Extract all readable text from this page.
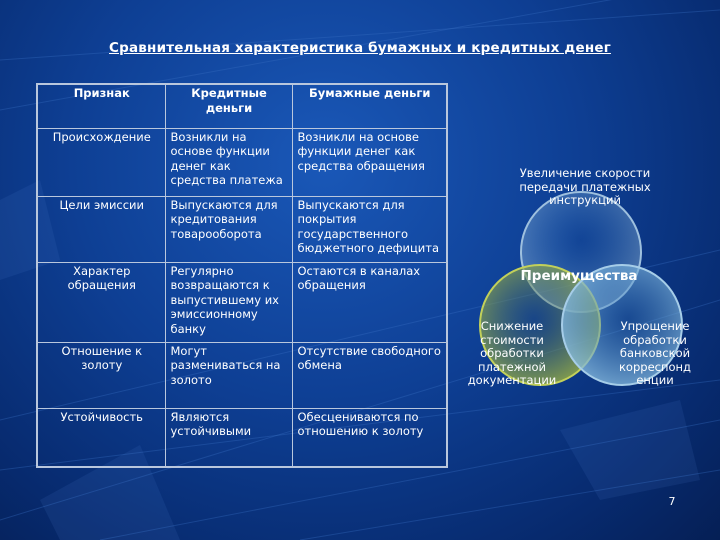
Сравнительная характеристика бумажных и кредитных денег
Признак	Кредитные деньги	Бумажные деньги
Происхождение	Возникли на основе функции денег как средства платежа	Возникли на основе функции денег как средства обращения
Цели эмиссии	Выпускаются для кредитования товарооборота	Выпускаются для покрытия государственного бюджетного дефицита
Характер обращения	Регулярно возвращаются к выпустившему их эмиссионному банку	Остаются в каналах обращения
Отношение к золоту	Могут размениваться на золото	Отсутствие свободного обмена
Устойчивость	Являются устойчивыми	Обесцениваются по отношению к золоту
Увеличение скорости передачи платежных инструкций
Снижение стоимости обработки платежной документации
Упрощение обработки банковской корреспонд енции
Преимущества
7
